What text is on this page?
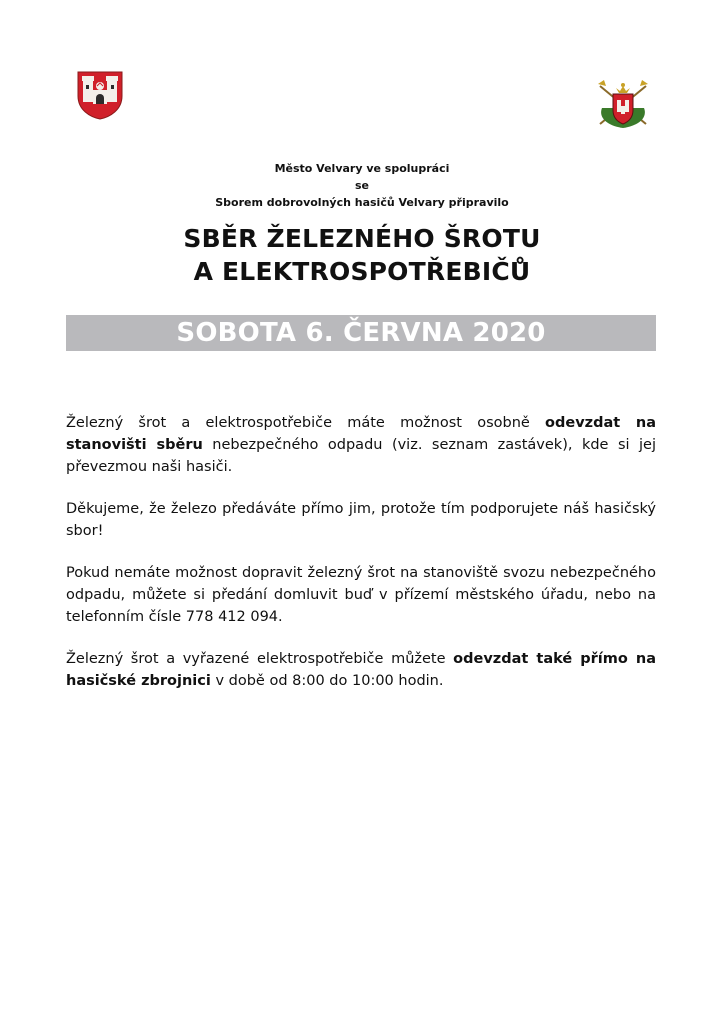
Město Velvary ve spolupráci
se
Sborem dobrovolných hasičů Velvary připravilo
SBĚR ŽELEZNÉHO ŠROTU
A ELEKTROSPOTŘEBIČŮ
SOBOTA 6. ČERVNA 2020

Železný šrot a elektrospotřebiče máte možnost osobně odevzdat na stanovišti sběru nebezpečného odpadu (viz. seznam zastávek), kde si jej převezmou naši hasiči.

Děkujeme, že železo předáváte přímo jim, protože tím podporujete náš hasičský sbor!

Pokud nemáte možnost dopravit železný šrot na stanoviště svozu nebezpečného odpadu, můžete si předání domluvit buď v přízemí městského úřadu, nebo na telefonním čísle 778 412 094.

Železný šrot a vyřazené elektrospotřebiče můžete odevzdat také přímo na hasičské zbrojnici v době od 8:00 do 10:00 hodin.
